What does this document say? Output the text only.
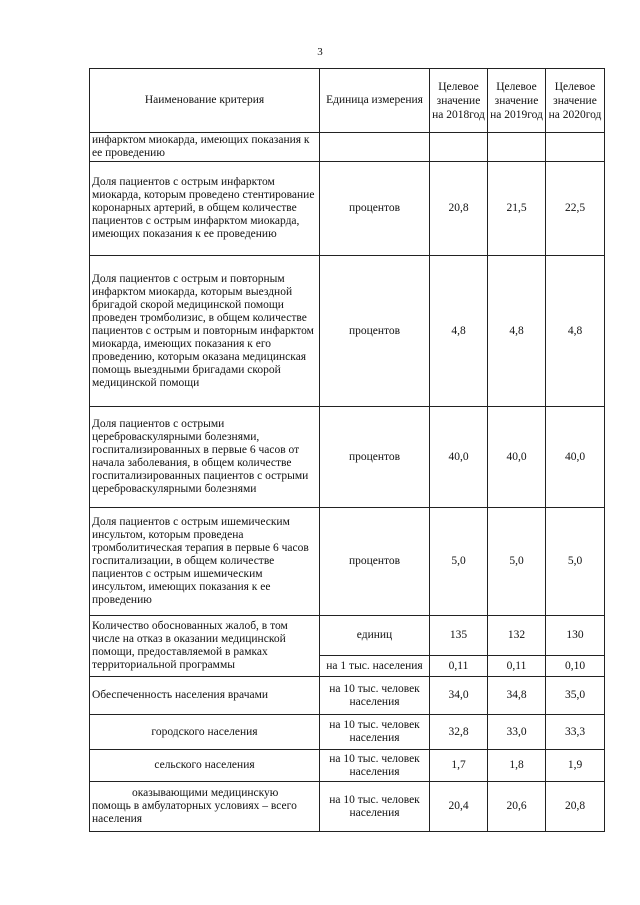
3
Наименование критерия	Единица измерения	Целевое значение на 2018год	Целевое значение на 2019год	Целевое значение на 2020год
инфарктом миокарда, имеющих показания к ее проведению				
Доля пациентов с острым инфарктом миокарда, которым проведено стентирование коронарных артерий, в общем количестве пациентов с острым инфарктом миокарда, имеющих показания к ее проведению	процентов	20,8	21,5	22,5
Доля пациентов с острым и повторным инфарктом миокарда, которым выездной бригадой скорой медицинской помощи проведен тромболизис, в общем количестве пациентов с острым и повторным инфарктом миокарда, имеющих показания к его проведению, которым оказана медицинская помощь выездными бригадами скорой медицинской помощи	процентов	4,8	4,8	4,8
Доля пациентов с острыми цереброваскулярными болезнями, госпитализированных в первые 6 часов от начала заболевания, в общем количестве госпитализированных пациентов с острыми цереброваскулярными болезнями	процентов	40,0	40,0	40,0
Доля пациентов с острым ишемическим инсультом, которым проведена тромболитическая терапия в первые 6 часов госпитализации, в общем количестве пациентов с острым ишемическим инсультом, имеющих показания к ее проведению	процентов	5,0	5,0	5,0
Количество обоснованных жалоб, в том числе на отказ в оказании медицинской помощи, предоставляемой в рамках территориальной программы	единиц	135	132	130
	на 1 тыс. населения	0,11	0,11	0,10
Обеспеченность населения врачами	на 10 тыс. человек населения	34,0	34,8	35,0
городского населения	на 10 тыс. человек населения	32,8	33,0	33,3
сельского населения	на 10 тыс. человек населения	1,7	1,8	1,9
оказывающими медицинскую помощь в амбулаторных условиях – всего населения	на 10 тыс. человек населения	20,4	20,6	20,8
